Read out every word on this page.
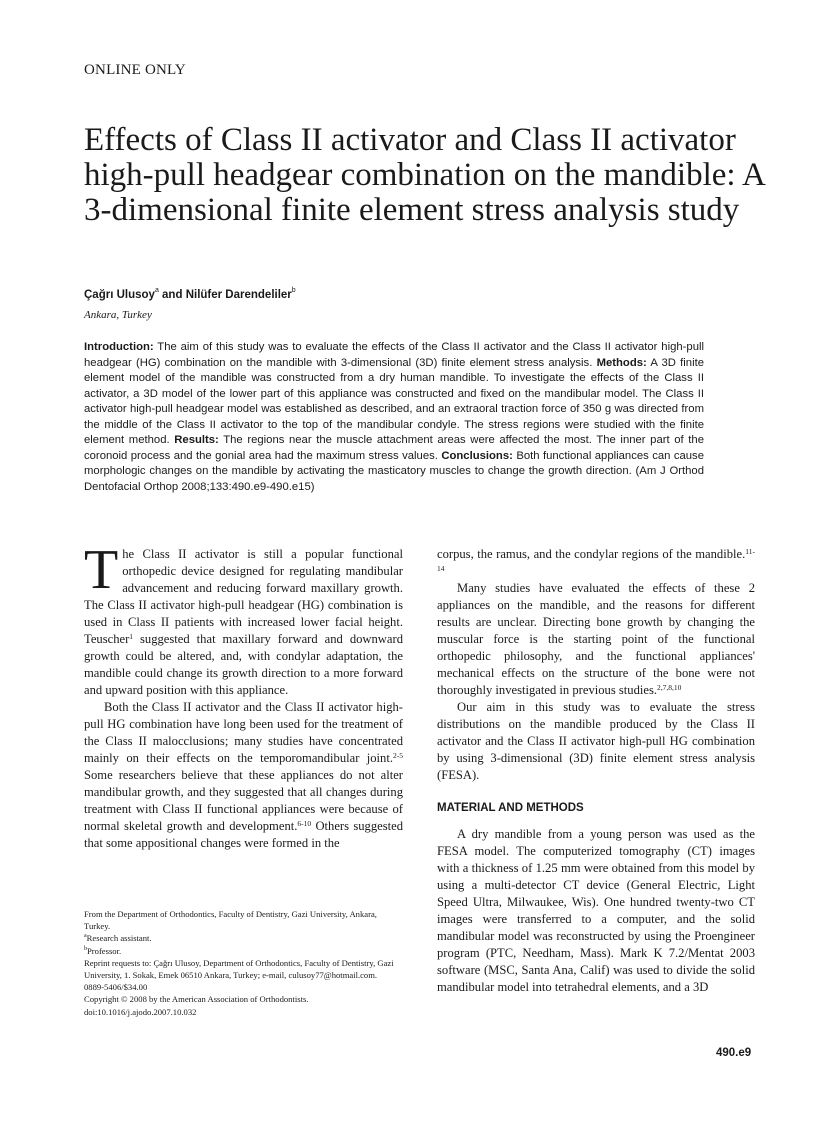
ONLINE ONLY
Effects of Class II activator and Class II activator high-pull headgear combination on the mandible: A 3-dimensional finite element stress analysis study
Çağrı Ulusoy$^a$ and Nilüfer Darendeliler$^b$
Ankara, Turkey
Introduction: The aim of this study was to evaluate the effects of the Class II activator and the Class II activator high-pull headgear (HG) combination on the mandible with 3-dimensional (3D) finite element stress analysis. Methods: A 3D finite element model of the mandible was constructed from a dry human mandible. To investigate the effects of the Class II activator, a 3D model of the lower part of this appliance was constructed and fixed on the mandibular model. The Class II activator high-pull headgear model was established as described, and an extraoral traction force of 350 g was directed from the middle of the Class II activator to the top of the mandibular condyle. The stress regions were studied with the finite element method. Results: The regions near the muscle attachment areas were affected the most. The inner part of the coronoid process and the gonial area had the maximum stress values. Conclusions: Both functional appliances can cause morphologic changes on the mandible by activating the masticatory muscles to change the growth direction. (Am J Orthod Dentofacial Orthop 2008;133:490.e9-490.e15)

The Class II activator is still a popular functional orthopedic device designed for regulating mandibular advancement and reducing forward maxillary growth. The Class II activator high-pull headgear (HG) combination is used in Class II patients with increased lower facial height. Teuscher$^1$ suggested that maxillary forward and downward growth could be altered, and, with condylar adaptation, the mandible could change its growth direction to a more forward and upward position with this appliance.

Both the Class II activator and the Class II activator high-pull HG combination have long been used for the treatment of the Class II malocclusions; many studies have concentrated mainly on their effects on the temporomandibular joint.$^{2-5}$ Some researchers believe that these appliances do not alter mandibular growth, and they suggested that all changes during treatment with Class II functional appliances were because of normal skeletal growth and development.$^{6-10}$ Others suggested that some appositional changes were formed in the

corpus, the ramus, and the condylar regions of the mandible.$^{11-14}$

Many studies have evaluated the effects of these 2 appliances on the mandible, and the reasons for different results are unclear. Directing bone growth by changing the muscular force is the starting point of the functional orthopedic philosophy, and the functional appliances' mechanical effects on the structure of the bone were not thoroughly investigated in previous studies.$^{2,7,8,10}$

Our aim in this study was to evaluate the stress distributions on the mandible produced by the Class II activator and the Class II activator high-pull HG combination by using 3-dimensional (3D) finite element stress analysis (FESA).

MATERIAL AND METHODS

A dry mandible from a young person was used as the FESA model. The computerized tomography (CT) images with a thickness of 1.25 mm were obtained from this model by using a multi-detector CT device (General Electric, Light Speed Ultra, Milwaukee, Wis). One hundred twenty-two CT images were transferred to a computer, and the solid mandibular model was reconstructed by using the Proengineer program (PTC, Needham, Mass). Mark K 7.2/Mentat 2003 software (MSC, Santa Ana, Calif) was used to divide the solid mandibular model into tetrahedral elements, and a 3D

From the Department of Orthodontics, Faculty of Dentistry, Gazi University, Ankara, Turkey.
$^a$Research assistant.
$^b$Professor.
Reprint requests to: Çağrı Ulusoy, Department of Orthodontics, Faculty of Dentistry, Gazi University, 1. Sokak, Emek 06510 Ankara, Turkey; e-mail, culusoy77@hotmail.com.
0889-5406/$34.00
Copyright © 2008 by the American Association of Orthodontists.
doi:10.1016/j.ajodo.2007.10.032
490.e9
